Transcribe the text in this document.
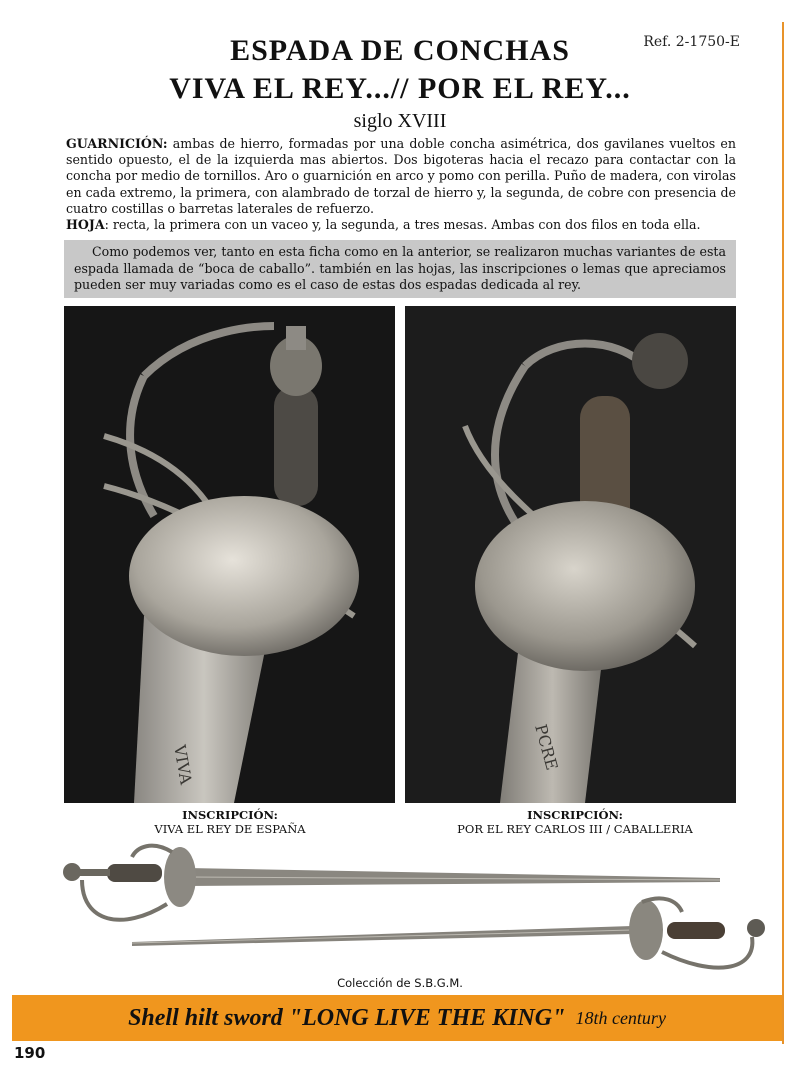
Ref. 2-1750-E
ESPADA DE CONCHAS
VIVA EL REY...// POR EL REY...
siglo XVIII

GUARNICIÓN: ambas de hierro, formadas por una doble concha asimétrica, dos gavilanes vueltos en sentido opuesto, el de la izquierda mas abiertos. Dos bigoteras hacia el recazo para contactar con la concha por medio de tornillos. Aro o guarnición en arco y pomo con perilla. Puño de madera, con virolas en cada extremo, la primera, con alambrado de torzal de hierro y, la segunda, de cobre con presencia de cuatro costillas o barretas laterales de refuerzo.

HOJA: recta, la primera con un vaceo y, la segunda, a tres mesas. Ambas con dos filos en toda ella.

Como podemos ver, tanto en esta ficha como en la anterior, se realizaron muchas variantes de esta espada llamada de “boca de caballo”. también en las hojas, las inscripciones o lemas que apreciamos pueden ser muy variadas como es el caso de estas dos espadas dedicada al rey.
VIVA	PCRE
INSCRIPCIÓN:
VIVA EL REY DE ESPAÑA
INSCRIPCIÓN:
POR EL REY CARLOS III / CABALLERIA
Colección de S.B.G.M.
Shell hilt sword "LONG LIVE THE KING" 18th century
190
